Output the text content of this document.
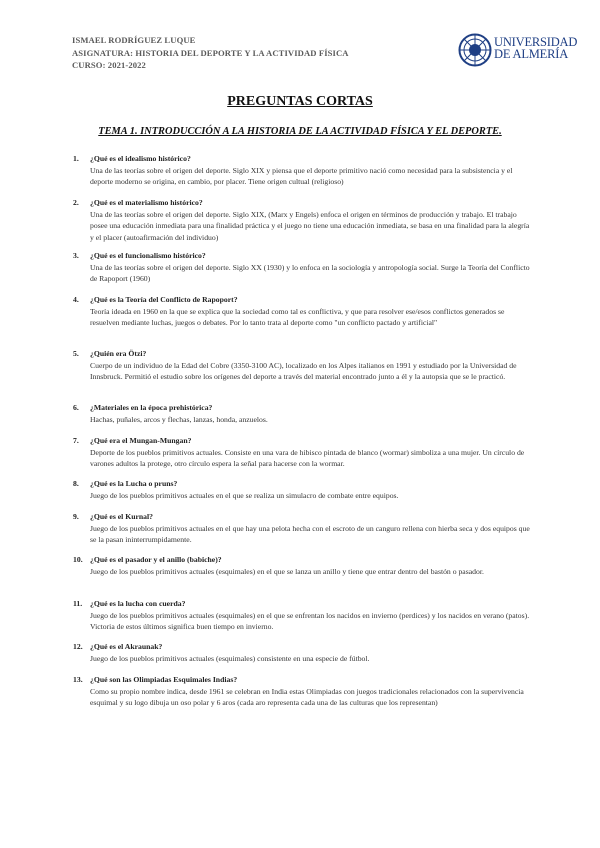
ISMAEL RODRÍGUEZ LUQUE
ASIGNATURA: HISTORIA DEL DEPORTE Y LA ACTIVIDAD FÍSICA
CURSO: 2021-2022
UNIVERSIDAD
DE ALMERÍA
PREGUNTAS CORTAS
TEMA 1. INTRODUCCIÓN A LA HISTORIA DE LA ACTIVIDAD FÍSICA Y EL DEPORTE.
1. ¿Qué es el idealismo histórico?
Una de las teorías sobre el origen del deporte. Siglo XIX y piensa que el deporte primitivo nació como necesidad para la subsistencia y el deporte moderno se origina, en cambio, por placer. Tiene origen cultual (religioso)
2. ¿Qué es el materialismo histórico?
Una de las teorías sobre el origen del deporte. Siglo XIX, (Marx y Engels) enfoca el origen en términos de producción y trabajo. El trabajo posee una educación inmediata para una finalidad práctica y el juego no tiene una educación inmediata, se basa en una finalidad para la alegría y el placer (autoafirmación del individuo)
3. ¿Qué es el funcionalismo histórico?
Una de las teorías sobre el origen del deporte. Siglo XX (1930) y lo enfoca en la sociología y antropología social. Surge la Teoría del Conflicto de Rapoport (1960)
4. ¿Qué es la Teoría del Conflicto de Rapoport?
Teoría ideada en 1960 en la que se explica que la sociedad como tal es conflictiva, y que para resolver ese/esos conflictos generados se resuelven mediante luchas, juegos o debates. Por lo tanto trata al deporte como "un conflicto pactado y artificial"
5. ¿Quién era Ötzi?
Cuerpo de un individuo de la Edad del Cobre (3350-3100 AC), localizado en los Alpes italianos en 1991 y estudiado por la Universidad de Innsbruck. Permitió el estudio sobre los orígenes del deporte a través del material encontrado junto a él y la autopsia que se le practicó.
6. ¿Materiales en la época prehistórica?
Hachas, puñales, arcos y flechas, lanzas, honda, anzuelos.
7. ¿Qué era el Mungan-Mungan?
Deporte de los pueblos primitivos actuales. Consiste en una vara de hibisco pintada de blanco (wormar) simboliza a una mujer. Un círculo de varones adultos la protege, otro círculo espera la señal para hacerse con la wormar.
8. ¿Qué es la Lucha o pruns?
Juego de los pueblos primitivos actuales en el que se realiza un simulacro de combate entre equipos.
9. ¿Qué es el Kurnal?
Juego de los pueblos primitivos actuales en el que hay una pelota hecha con el escroto de un canguro rellena con hierba seca y dos equipos que se la pasan ininterrumpidamente.
10. ¿Qué es el pasador y el anillo (babiche)?
Juego de los pueblos primitivos actuales (esquimales) en el que se lanza un anillo y tiene que entrar dentro del bastón o pasador.
11. ¿Qué es la lucha con cuerda?
Juego de los pueblos primitivos actuales (esquimales) en el que se enfrentan los nacidos en invierno (perdices) y los nacidos en verano (patos). Victoria de estos últimos significa buen tiempo en invierno.
12. ¿Qué es el Akraunak?
Juego de los pueblos primitivos actuales (esquimales) consistente en una especie de fútbol.
13. ¿Qué son las Olimpiadas Esquimales Indias?
Como su propio nombre indica, desde 1961 se celebran en India estas Olimpiadas con juegos tradicionales relacionados con la supervivencia esquimal y su logo dibuja un oso polar y 6 aros (cada aro representa cada una de las culturas que los representan)
